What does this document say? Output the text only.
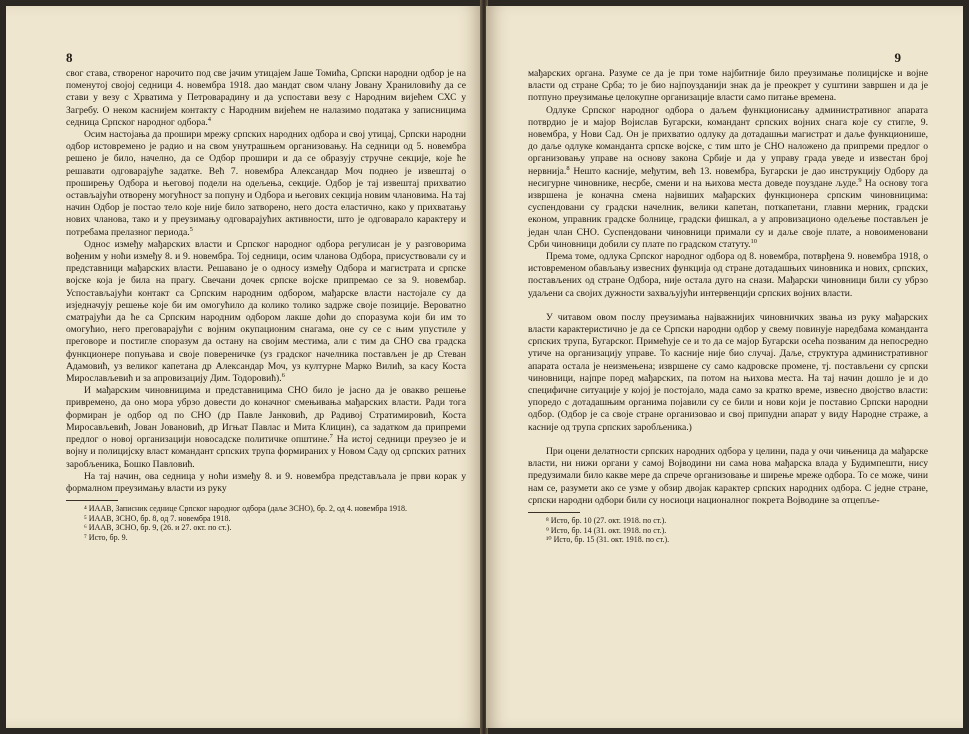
8

свог става, створеног нарочито под све јачим утицајем Јаше Томића, Српски народни одбор је на поменутој својој седници 4. новембра 1918. дао мандат свом члану Јовану Храниловићу да се стави у везу с Хрватима у Петроварадину и да успостави везу с Народним вијећем СХС у Загребу. О неком каснијем контакту с Народним вијећем не налазимо података у записницима седница Српског народног одбора.$^4$

Осим настојања да прошири мрежу српских народних одбора и свој утицај, Српски народни одбор истовремено је радио и на свом унутрашњем организовању. На седници од 5. новембра решено је било, начелно, да се Одбор прошири и да се образују стручне секције, које ће решавати одговарајуће задатке. Већ 7. новембра Александар Моч поднео је извештај о проширењу Одбора и његовој подели на одељења, секције. Одбор је тај извештај прихватио остављајући отворену могућност за попуну и Одбора и његових секција новим члановима. На тај начин Одбор је постао тело које није било затворено, него доста еластично, како у прихватању нових чланова, тако и у преузимању одговарајућих активности, што је одговарало карактеру и потребама прелазног периода.$^5$

Однос између мађарских власти и Српског народног одбора регулисан је у разговорима вођеним у ноћи између 8. и 9. новембра. Тој седници, осим чланова Одбора, присуствовали су и представници мађарских власти. Решавано је о односу између Одбора и магистрата и српске војске која је била на прагу. Свечани дочек српске војске припремао се за 9. новембар. Успостављајући контакт са Српским народним одбором, мађарске власти настојале су да изједначују решење које би им омогућило да колико толико задрже своје позиције. Вероватно сматрајући да ће са Српским народним одбором лакше доћи до споразума који би им то омогућио, него преговарајући с војним окупационим снагама, оне су се с њим упустиле у преговоре и постигле споразум да остану на својим местима, али с тим да СНО сва градска функционере попуњава и своје повереничке (уз градског начелника постављен је др Стеван Адамовић, уз великог капетана др Александар Моч, уз културне Марко Вилић, за касу Коста Мирослављевић и за апровизацију Дим. Тодоровић).$^6$

И мађарским чиновницима и представницима СНО било је јасно да је овакво решење привремено, да оно мора убрзо довести до коначног смењивања мађарских власти. Ради тога формиран је одбор од по СНО (др Павле Јанковић, др Радивој Стратимировић, Коста Миросављевић, Јован Јовановић, др Игњат Павлас и Мита Клицин), са задатком да припреми предлог о новој организацији новосадске политичке општине.$^7$ На истој седници преузео је и војну и полицијску власт командант српских трупа формираних у Новом Саду од српских ратних заробљеника, Бошко Павловић.

На тај начин, ова седница у ноћи између 8. и 9. новембра представљала је први корак у формалном преузимању власти из руку

⁴ ИААВ, Записник седнице Српског народног одбора (даље ЗСНО), бр. 2, од 4. новембра 1918.

⁵ ИААВ, ЗСНО, бр. 8, од 7. новембра 1918.

⁶ ИААВ, ЗСНО, бр. 9, (26. и 27. окт. по ст.).

⁷ Исто, бр. 9.

9

мађарских органа. Разуме се да је при томе најбитније било преузимање полицијске и војне власти од стране Срба; то је био најпоузданији знак да је преокрет у суштини завршен и да је потпуно преузимање целокупне организације власти само питање времена.

Одлуке Српског народног одбора о даљем функционисању административног апарата потврдио је и мајор Војислав Бугарски, командант српских војних снага које су стигле, 9. новембра, у Нови Сад. Он је прихватио одлуку да дотадашњи магистрат и даље функционише, до даље одлуке команданта српске војске, с тим што је СНО наложено да припреми предлог о организовању управе на основу закона Србије и да у управу града уведе и известан број нервнија.$^8$ Нешто касније, међутим, већ 13. новембра, Бугарски је дао инструкцију Одбору да несигурне чиновнике, несрбе, смени и на њихова места доведе поуздане људе.$^9$ На основу тога извршена је коначна смена највиших мађарских функционера српским чиновницима: суспендовани су градски начелник, велики капетан, поткапетани, главни мерник, градски економ, управник градске болнице, градски фишкал, а у апровизационо одељење постављен је један члан СНО. Суспендовани чиновници примали су и даље своје плате, а новоименовани Срби чиновници добили су плате по градском статуту.$^{10}$

Према томе, одлука Српског народног одбора од 8. новембра, потврђена 9. новембра 1918, о истовременом обављању извесних функција од стране дотадашњих чиновника и нових, српских, постављених од стране Одбора, није остала дуго на снази. Мађарски чиновници били су убрзо удаљени са својих дужности захваљујући интервенцији српских војних власти.

У читавом овом послу преузимања најважнијих чиновничких звања из руку мађарских власти карактеристично је да се Српски народни одбор у свему повинује наредбама команданта српских трупа, Бугарског. Примећује се и то да се мајор Бугарски осећа позваним да непосредно утиче на организацију управе. То касније није био случај. Даље, структура административног апарата остала је неизмењена; извршене су само кадровске промене, тј. постављени су српски чиновници, најпре поред мађарских, па потом на њихова места. На тај начин дошло је и до специфичне ситуације у којој је постојало, мада само за кратко време, извесно двојство власти: упоредо с дотадашњим органима појавили су се били и нови који је поставио Српски народни одбор. (Одбор је са своје стране организовао и свој припудни апарат у виду Народне страже, а касније од трупа српских заробљеника.)

При оцени делатности српских народних одбора у целини, пада у очи чињеница да мађарске власти, ни нижи органи у самој Војводини ни сама нова мађарска влада у Будимпешти, нису предузимали било какве мере да спрече организовање и ширење мреже одбора. То се може, чини нам се, разумети ако се узме у обзир двојак карактер српских народних одбора. С једне стране, српски народни одбори били су носиоци националног покрета Војводине за отцепље-

⁸ Исто, бр. 10 (27. окт. 1918. по ст.).

⁹ Исто, бр. 14 (31. окт. 1918. по ст.).

¹⁰ Исто, бр. 15 (31. окт. 1918. по ст.).
